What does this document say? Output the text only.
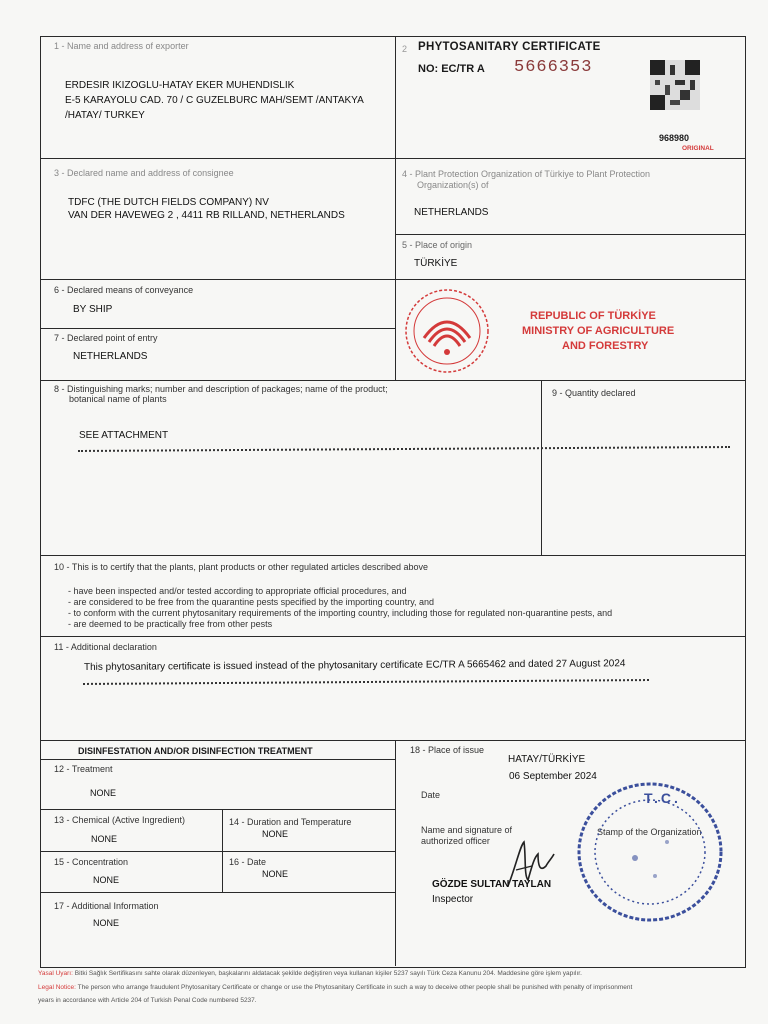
1 - Name and address of exporter
ERDESIR IKIZOGLU-HATAY EKER MUHENDISLIK
E-5 KARAYOLU CAD. 70 / C GUZELBURC MAH/SEMT /ANTAKYA
/HATAY/ TURKEY
2 PHYTOSANITARY CERTIFICATE
NO: EC/TR A 5666353
968980
ORIGINAL
3 - Declared name and address of consignee
TDFC (THE DUTCH FIELDS COMPANY) NV
VAN DER HAVEWEG 2 , 4411 RB RILLAND, NETHERLANDS
4 - Plant Protection Organization of Türkiye to Plant Protection
Organization(s) of
NETHERLANDS
5 - Place of origin
TÜRKİYE
6 - Declared means of conveyance
BY SHIP
7 - Declared point of entry
NETHERLANDS
REPUBLIC OF TÜRKİYE
MINISTRY OF AGRICULTURE
AND FORESTRY
8 - Distinguishing marks; number and description of packages; name of the product;
botanical name of plants
SEE ATTACHMENT
9 - Quantity declared
10 - This is to certify that the plants, plant products or other regulated articles described above
- have been inspected and/or tested according to appropriate official procedures, and
- are considered to be free from the quarantine pests specified by the importing country, and
- to conform with the current phytosanitary requirements of the importing country, including those for regulated non-quarantine pests, and
- are deemed to be practically free from other pests
11 - Additional declaration
This phytosanitary certificate is issued instead of the phytosanitary certificate EC/TR A 5665462 and dated 27 August 2024
DISINFESTATION AND/OR DISINFECTION TREATMENT
12 - Treatment
NONE
13 - Chemical (Active Ingredient)
NONE
14 - Duration and Temperature
NONE
15 - Concentration
NONE
16 - Date
NONE
17 - Additional Information
NONE
18 - Place of issue
HATAY/TÜRKİYE
06 September 2024
Date
Name and signature of
authorized officer
Stamp of the Organization
T.C.
GÖZDE SULTAN TAYLAN
Inspector
Yasal Uyarı: Bitki Sağlık Sertifikasını sahte olarak düzenleyen, başkalarını aldatacak şekilde değiştiren veya kullanan kişiler 5237 sayılı Türk Ceza Kanunu 204. Maddesine göre işlem yapılır.
Legal Notice: The person who arrange fraudulent Phytosanitary Certificate or change or use the Phytosanitary Certificate in such a way to deceive other people shall be punished with penalty of imprisonment
years in accordance with Article 204 of Turkish Penal Code numbered 5237.
